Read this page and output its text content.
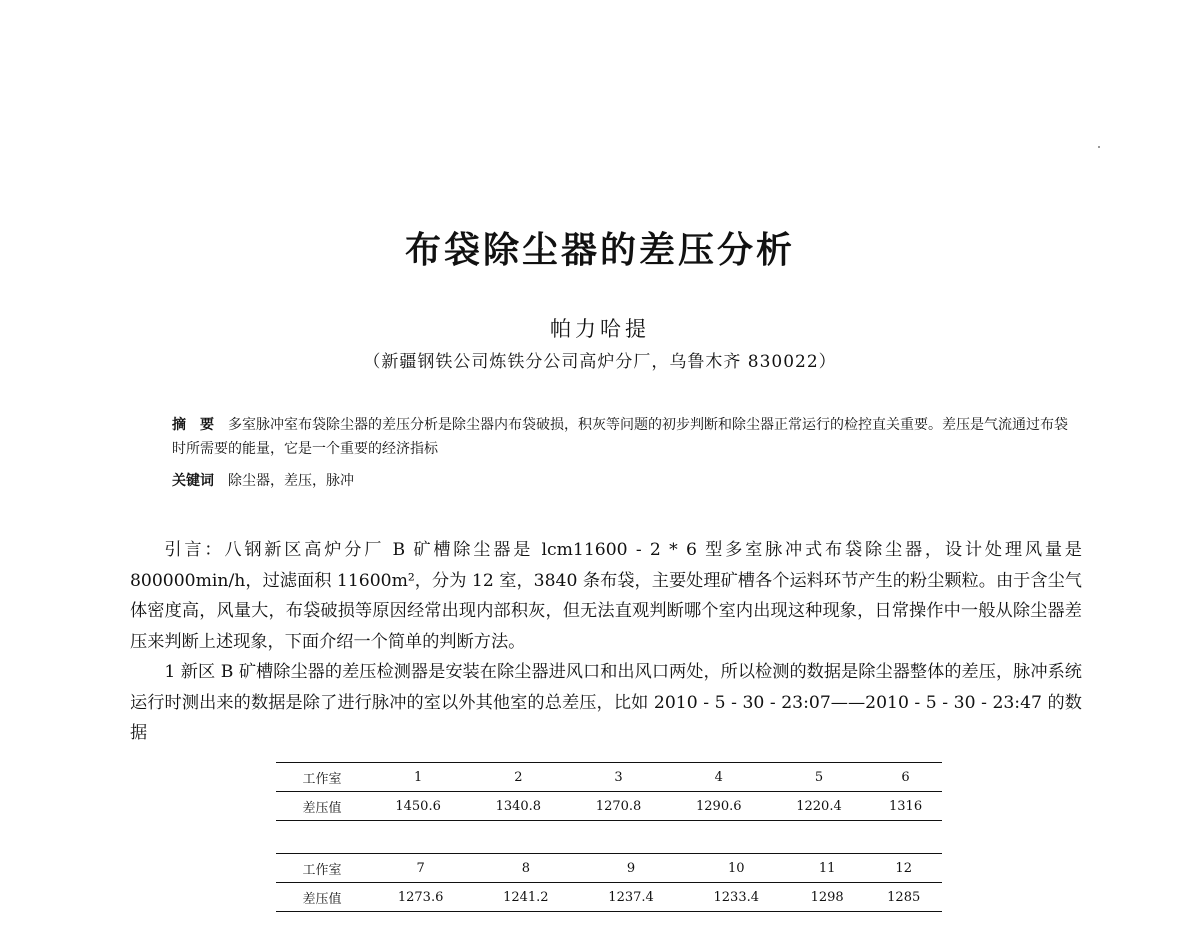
布袋除尘器的差压分析
帕力哈提
（新疆钢铁公司炼铁分公司高炉分厂，乌鲁木齐 830022）
摘　要 多室脉冲室布袋除尘器的差压分析是除尘器内布袋破损，积灰等问题的初步判断和除尘器正常运行的检控直关重要。差压是气流通过布袋时所需要的能量，它是一个重要的经济指标
关键词 除尘器，差压，脉冲

引言：八钢新区高炉分厂 B 矿槽除尘器是 lcm11600 - 2 * 6 型多室脉冲式布袋除尘器，设计处理风量是 800000min/h，过滤面积 11600m²，分为 12 室，3840 条布袋，主要处理矿槽各个运料环节产生的粉尘颗粒。由于含尘气体密度高，风量大，布袋破损等原因经常出现内部积灰，但无法直观判断哪个室内出现这种现象，日常操作中一般从除尘器差压来判断上述现象，下面介绍一个简单的判断方法。

1 新区 B 矿槽除尘器的差压检测器是安装在除尘器进风口和出风口两处，所以检测的数据是除尘器整体的差压，脉冲系统运行时测出来的数据是除了进行脉冲的室以外其他室的总差压，比如 2010 - 5 - 30 - 23:07——2010 - 5 - 30 - 23:47 的数据

工作室	1	2	3	4	5	6
差压值	1450.6	1340.8	1270.8	1290.6	1220.4	1316
工作室	7	8	9	10	11	12
差压值	1273.6	1241.2	1237.4	1233.4	1298	1285
